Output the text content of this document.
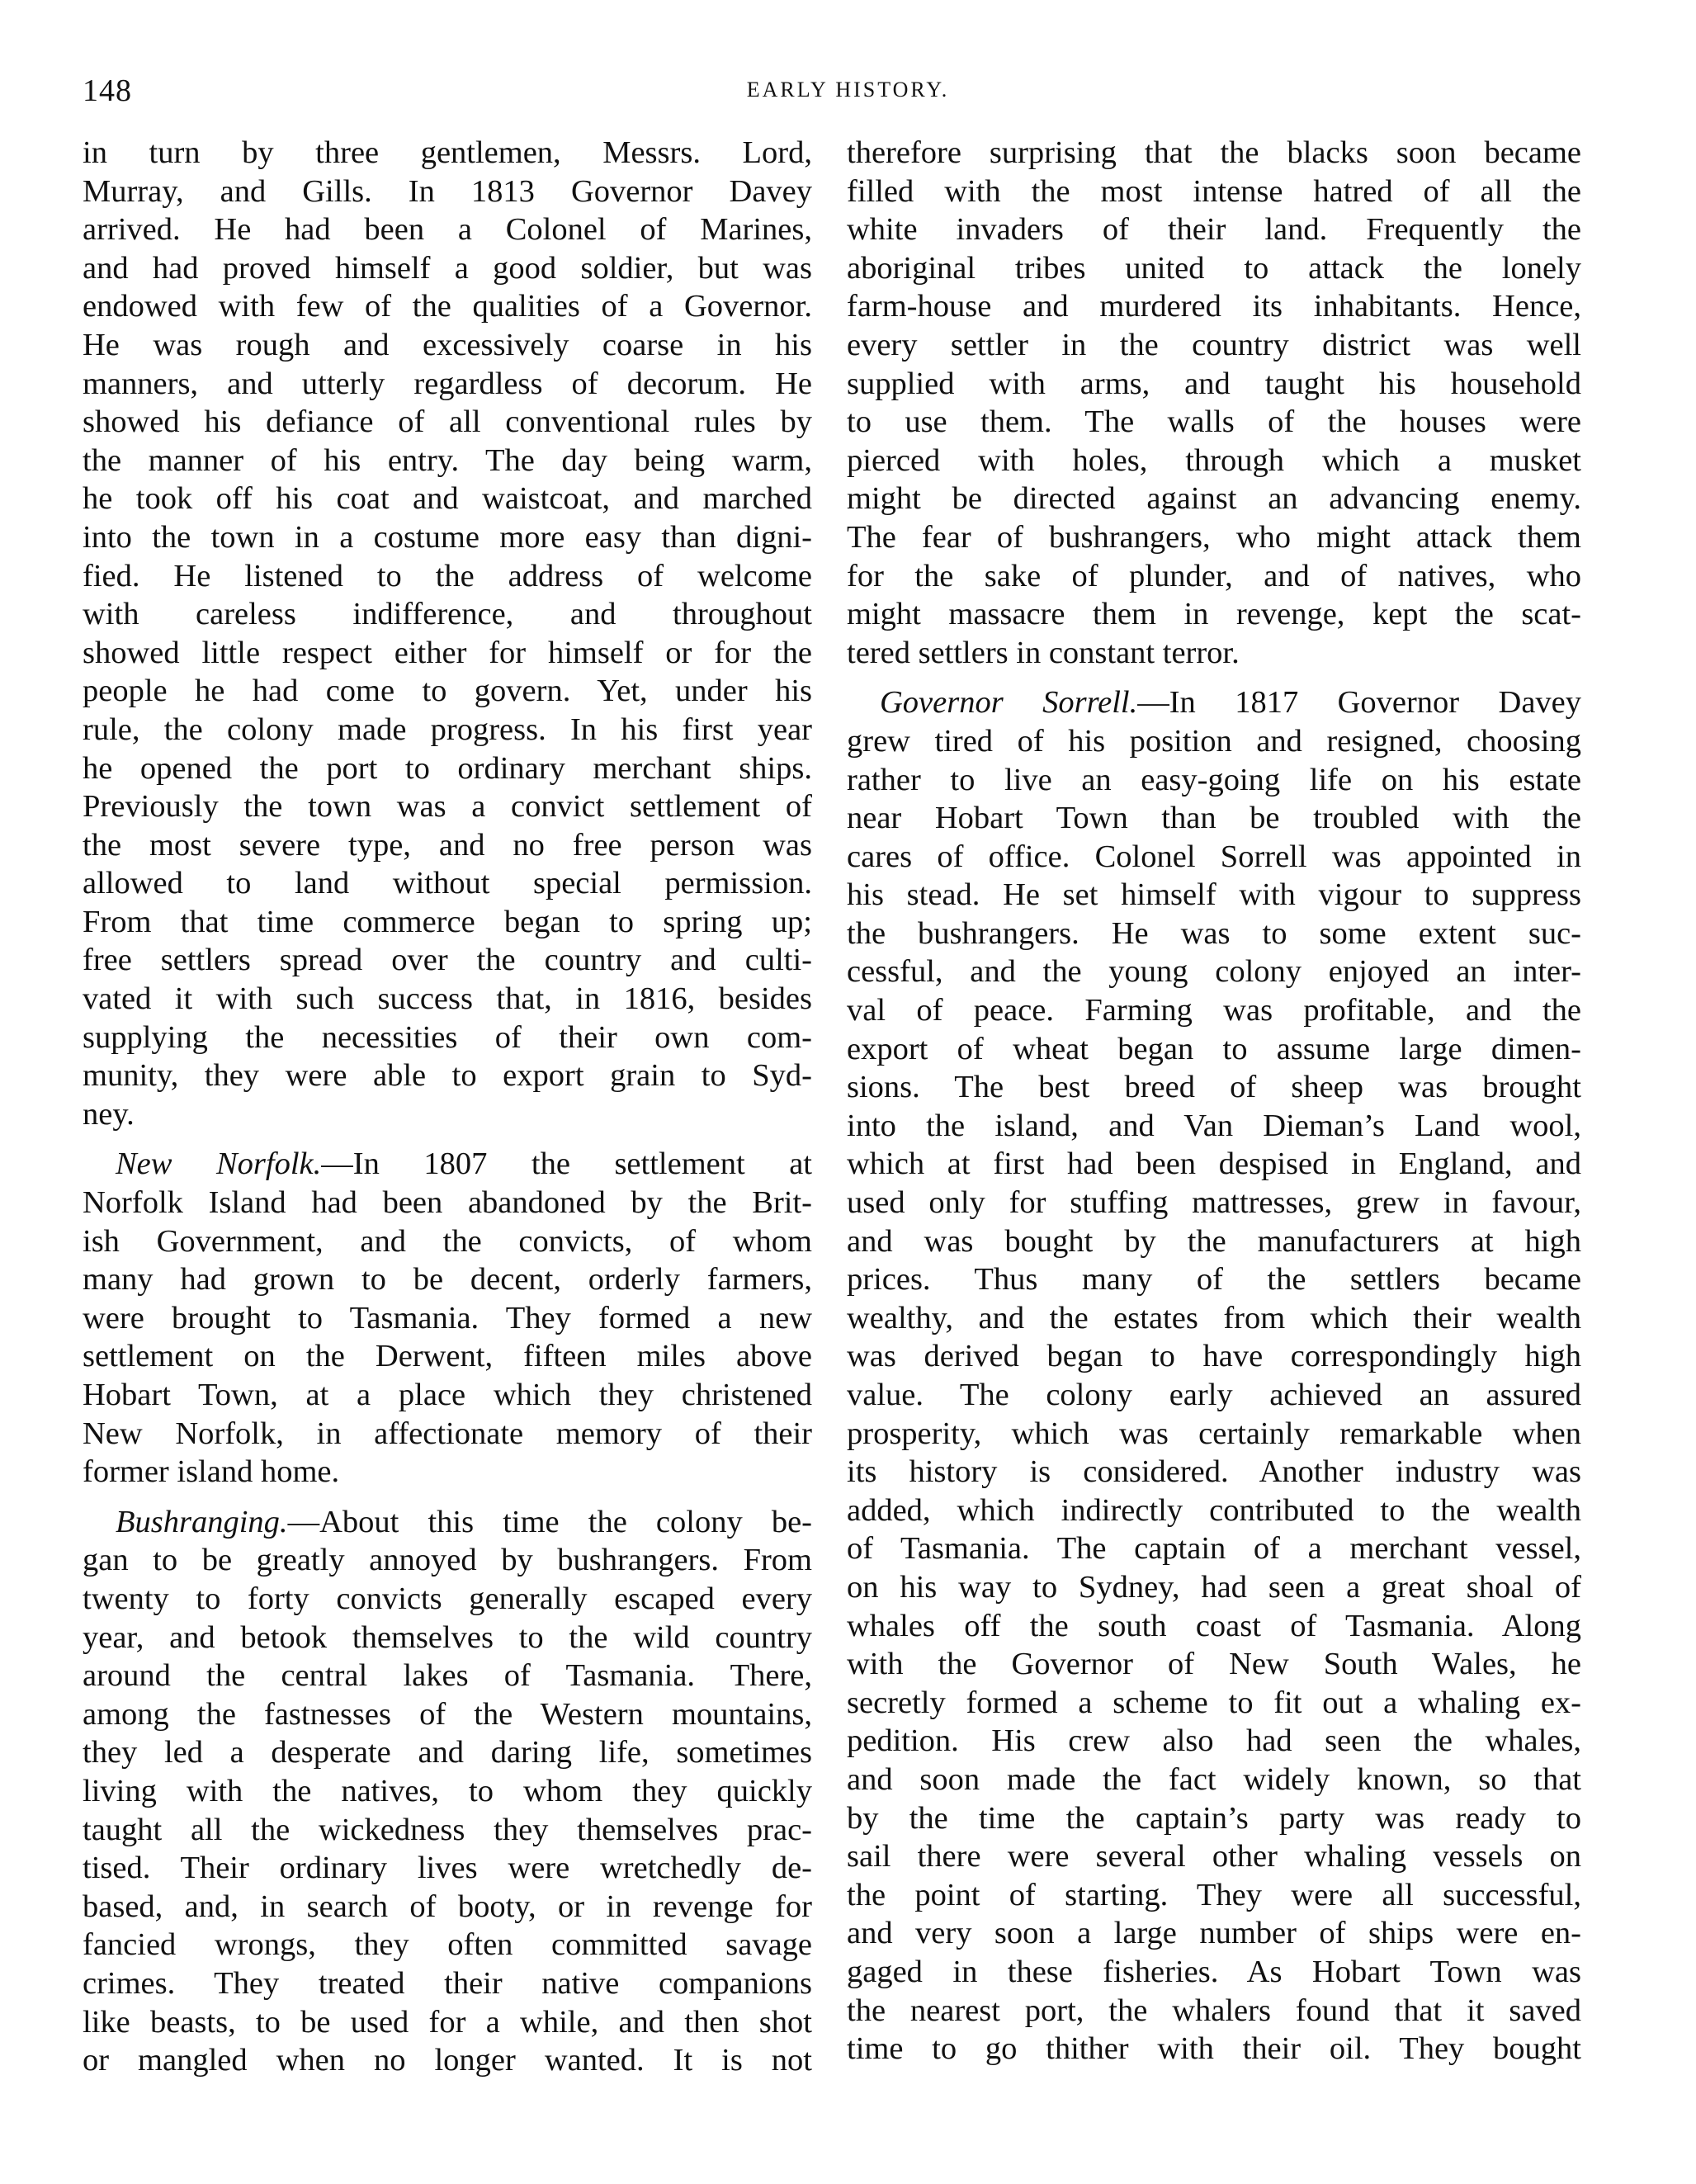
148	EARLY HISTORY.
in turn by three gentlemen, Messrs. Lord,
Murray, and Gills. In 1813 Governor Davey
arrived. He had been a Colonel of Marines,
and had proved himself a good soldier, but was
endowed with few of the qualities of a Governor.
He was rough and excessively coarse in his
manners, and utterly regardless of decorum. He
showed his defiance of all conventional rules by
the manner of his entry. The day being warm,
he took off his coat and waistcoat, and marched
into the town in a costume more easy than digni-
fied. He listened to the address of welcome
with careless indifference, and throughout
showed little respect either for himself or for the
people he had come to govern. Yet, under his
rule, the colony made progress. In his first year
he opened the port to ordinary merchant ships.
Previously the town was a convict settlement of
the most severe type, and no free person was
allowed to land without special permission.
From that time commerce began to spring up;
free settlers spread over the country and culti-
vated it with such success that, in 1816, besides
supplying the necessities of their own com-
munity, they were able to export grain to Syd-
ney.
New Norfolk.—In 1807 the settlement at
Norfolk Island had been abandoned by the Brit-
ish Government, and the convicts, of whom
many had grown to be decent, orderly farmers,
were brought to Tasmania. They formed a new
settlement on the Derwent, fifteen miles above
Hobart Town, at a place which they christened
New Norfolk, in affectionate memory of their
former island home.
Bushranging.—About this time the colony be-
gan to be greatly annoyed by bushrangers. From
twenty to forty convicts generally escaped every
year, and betook themselves to the wild country
around the central lakes of Tasmania. There,
among the fastnesses of the Western mountains,
they led a desperate and daring life, sometimes
living with the natives, to whom they quickly
taught all the wickedness they themselves prac-
tised. Their ordinary lives were wretchedly de-
based, and, in search of booty, or in revenge for
fancied wrongs, they often committed savage
crimes. They treated their native companions
like beasts, to be used for a while, and then shot
or mangled when no longer wanted. It is not
therefore surprising that the blacks soon became
filled with the most intense hatred of all the
white invaders of their land. Frequently the
aboriginal tribes united to attack the lonely
farm-house and murdered its inhabitants. Hence,
every settler in the country district was well
supplied with arms, and taught his household
to use them. The walls of the houses were
pierced with holes, through which a musket
might be directed against an advancing enemy.
The fear of bushrangers, who might attack them
for the sake of plunder, and of natives, who
might massacre them in revenge, kept the scat-
tered settlers in constant terror.
Governor Sorrell.—In 1817 Governor Davey
grew tired of his position and resigned, choosing
rather to live an easy-going life on his estate
near Hobart Town than be troubled with the
cares of office. Colonel Sorrell was appointed in
his stead. He set himself with vigour to suppress
the bushrangers. He was to some extent suc-
cessful, and the young colony enjoyed an inter-
val of peace. Farming was profitable, and the
export of wheat began to assume large dimen-
sions. The best breed of sheep was brought
into the island, and Van Dieman’s Land wool,
which at first had been despised in England, and
used only for stuffing mattresses, grew in favour,
and was bought by the manufacturers at high
prices. Thus many of the settlers became
wealthy, and the estates from which their wealth
was derived began to have correspondingly high
value. The colony early achieved an assured
prosperity, which was certainly remarkable when
its history is considered. Another industry was
added, which indirectly contributed to the wealth
of Tasmania. The captain of a merchant vessel,
on his way to Sydney, had seen a great shoal of
whales off the south coast of Tasmania. Along
with the Governor of New South Wales, he
secretly formed a scheme to fit out a whaling ex-
pedition. His crew also had seen the whales,
and soon made the fact widely known, so that
by the time the captain’s party was ready to
sail there were several other whaling vessels on
the point of starting. They were all successful,
and very soon a large number of ships were en-
gaged in these fisheries. As Hobart Town was
the nearest port, the whalers found that it saved
time to go thither with their oil. They bought
